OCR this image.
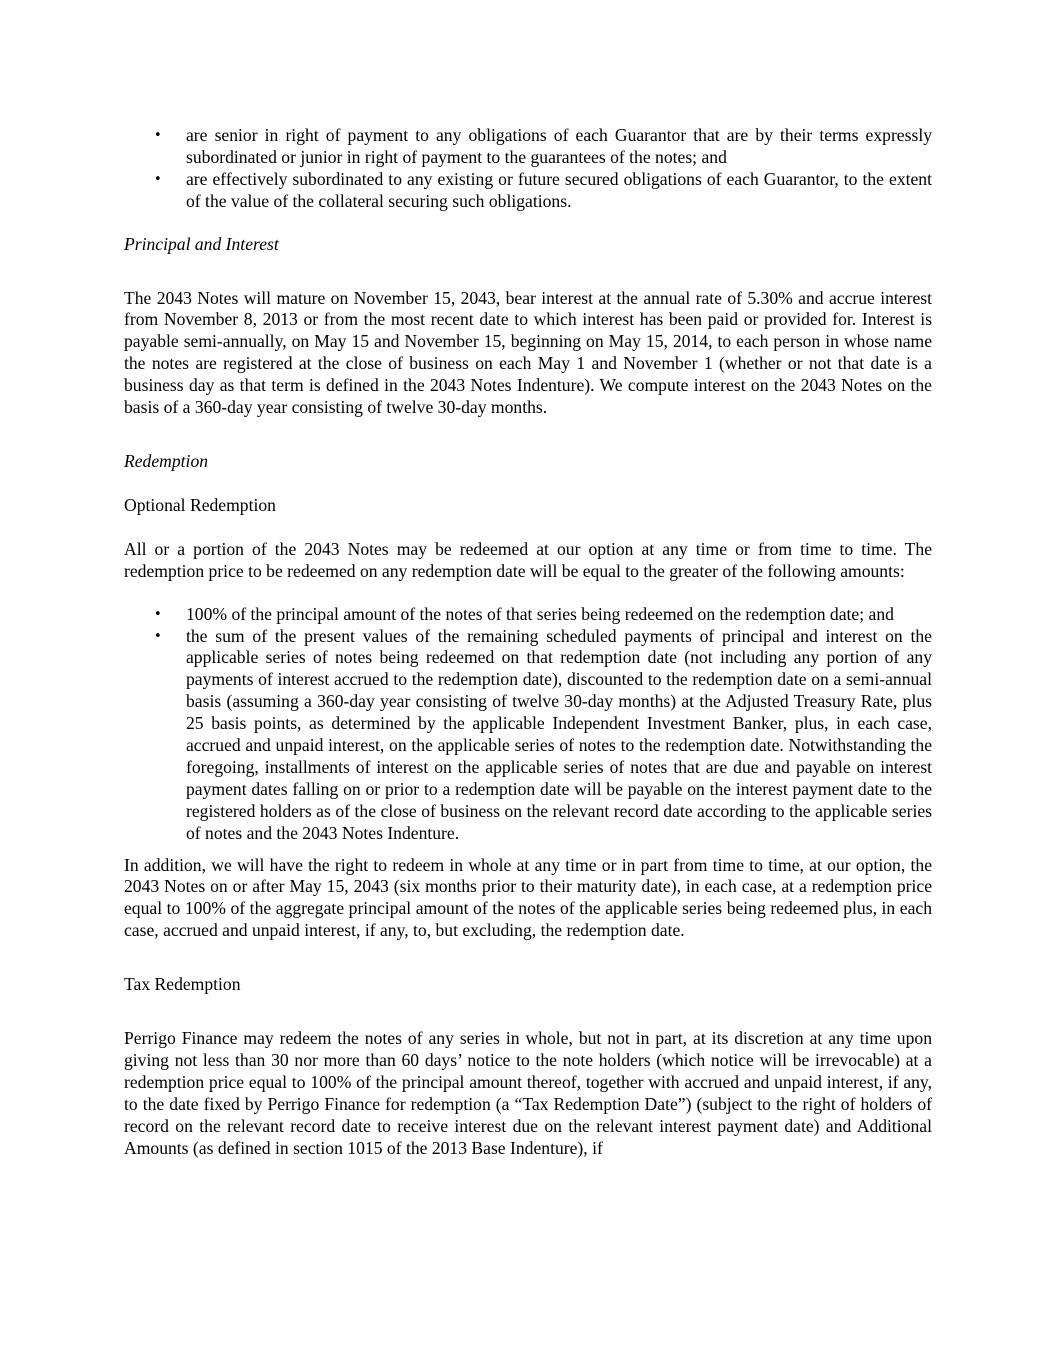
• are senior in right of payment to any obligations of each Guarantor that are by their terms expressly subordinated or junior in right of payment to the guarantees of the notes; and
• are effectively subordinated to any existing or future secured obligations of each Guarantor, to the extent of the value of the collateral securing such obligations.

Principal and Interest

The 2043 Notes will mature on November 15, 2043, bear interest at the annual rate of 5.30% and accrue interest from November 8, 2013 or from the most recent date to which interest has been paid or provided for. Interest is payable semi-annually, on May 15 and November 15, beginning on May 15, 2014, to each person in whose name the notes are registered at the close of business on each May 1 and November 1 (whether or not that date is a business day as that term is defined in the 2043 Notes Indenture). We compute interest on the 2043 Notes on the basis of a 360-day year consisting of twelve 30-day months.

Redemption

Optional Redemption

All or a portion of the 2043 Notes may be redeemed at our option at any time or from time to time. The redemption price to be redeemed on any redemption date will be equal to the greater of the following amounts:

• 100% of the principal amount of the notes of that series being redeemed on the redemption date; and
• the sum of the present values of the remaining scheduled payments of principal and interest on the applicable series of notes being redeemed on that redemption date (not including any portion of any payments of interest accrued to the redemption date), discounted to the redemption date on a semi-annual basis (assuming a 360-day year consisting of twelve 30-day months) at the Adjusted Treasury Rate, plus 25 basis points, as determined by the applicable Independent Investment Banker, plus, in each case, accrued and unpaid interest, on the applicable series of notes to the redemption date. Notwithstanding the foregoing, installments of interest on the applicable series of notes that are due and payable on interest payment dates falling on or prior to a redemption date will be payable on the interest payment date to the registered holders as of the close of business on the relevant record date according to the applicable series of notes and the 2043 Notes Indenture.

In addition, we will have the right to redeem in whole at any time or in part from time to time, at our option, the 2043 Notes on or after May 15, 2043 (six months prior to their maturity date), in each case, at a redemption price equal to 100% of the aggregate principal amount of the notes of the applicable series being redeemed plus, in each case, accrued and unpaid interest, if any, to, but excluding, the redemption date.

Tax Redemption

Perrigo Finance may redeem the notes of any series in whole, but not in part, at its discretion at any time upon giving not less than 30 nor more than 60 days’ notice to the note holders (which notice will be irrevocable) at a redemption price equal to 100% of the principal amount thereof, together with accrued and unpaid interest, if any, to the date fixed by Perrigo Finance for redemption (a “Tax Redemption Date”) (subject to the right of holders of record on the relevant record date to receive interest due on the relevant interest payment date) and Additional Amounts (as defined in section 1015 of the 2013 Base Indenture), if
